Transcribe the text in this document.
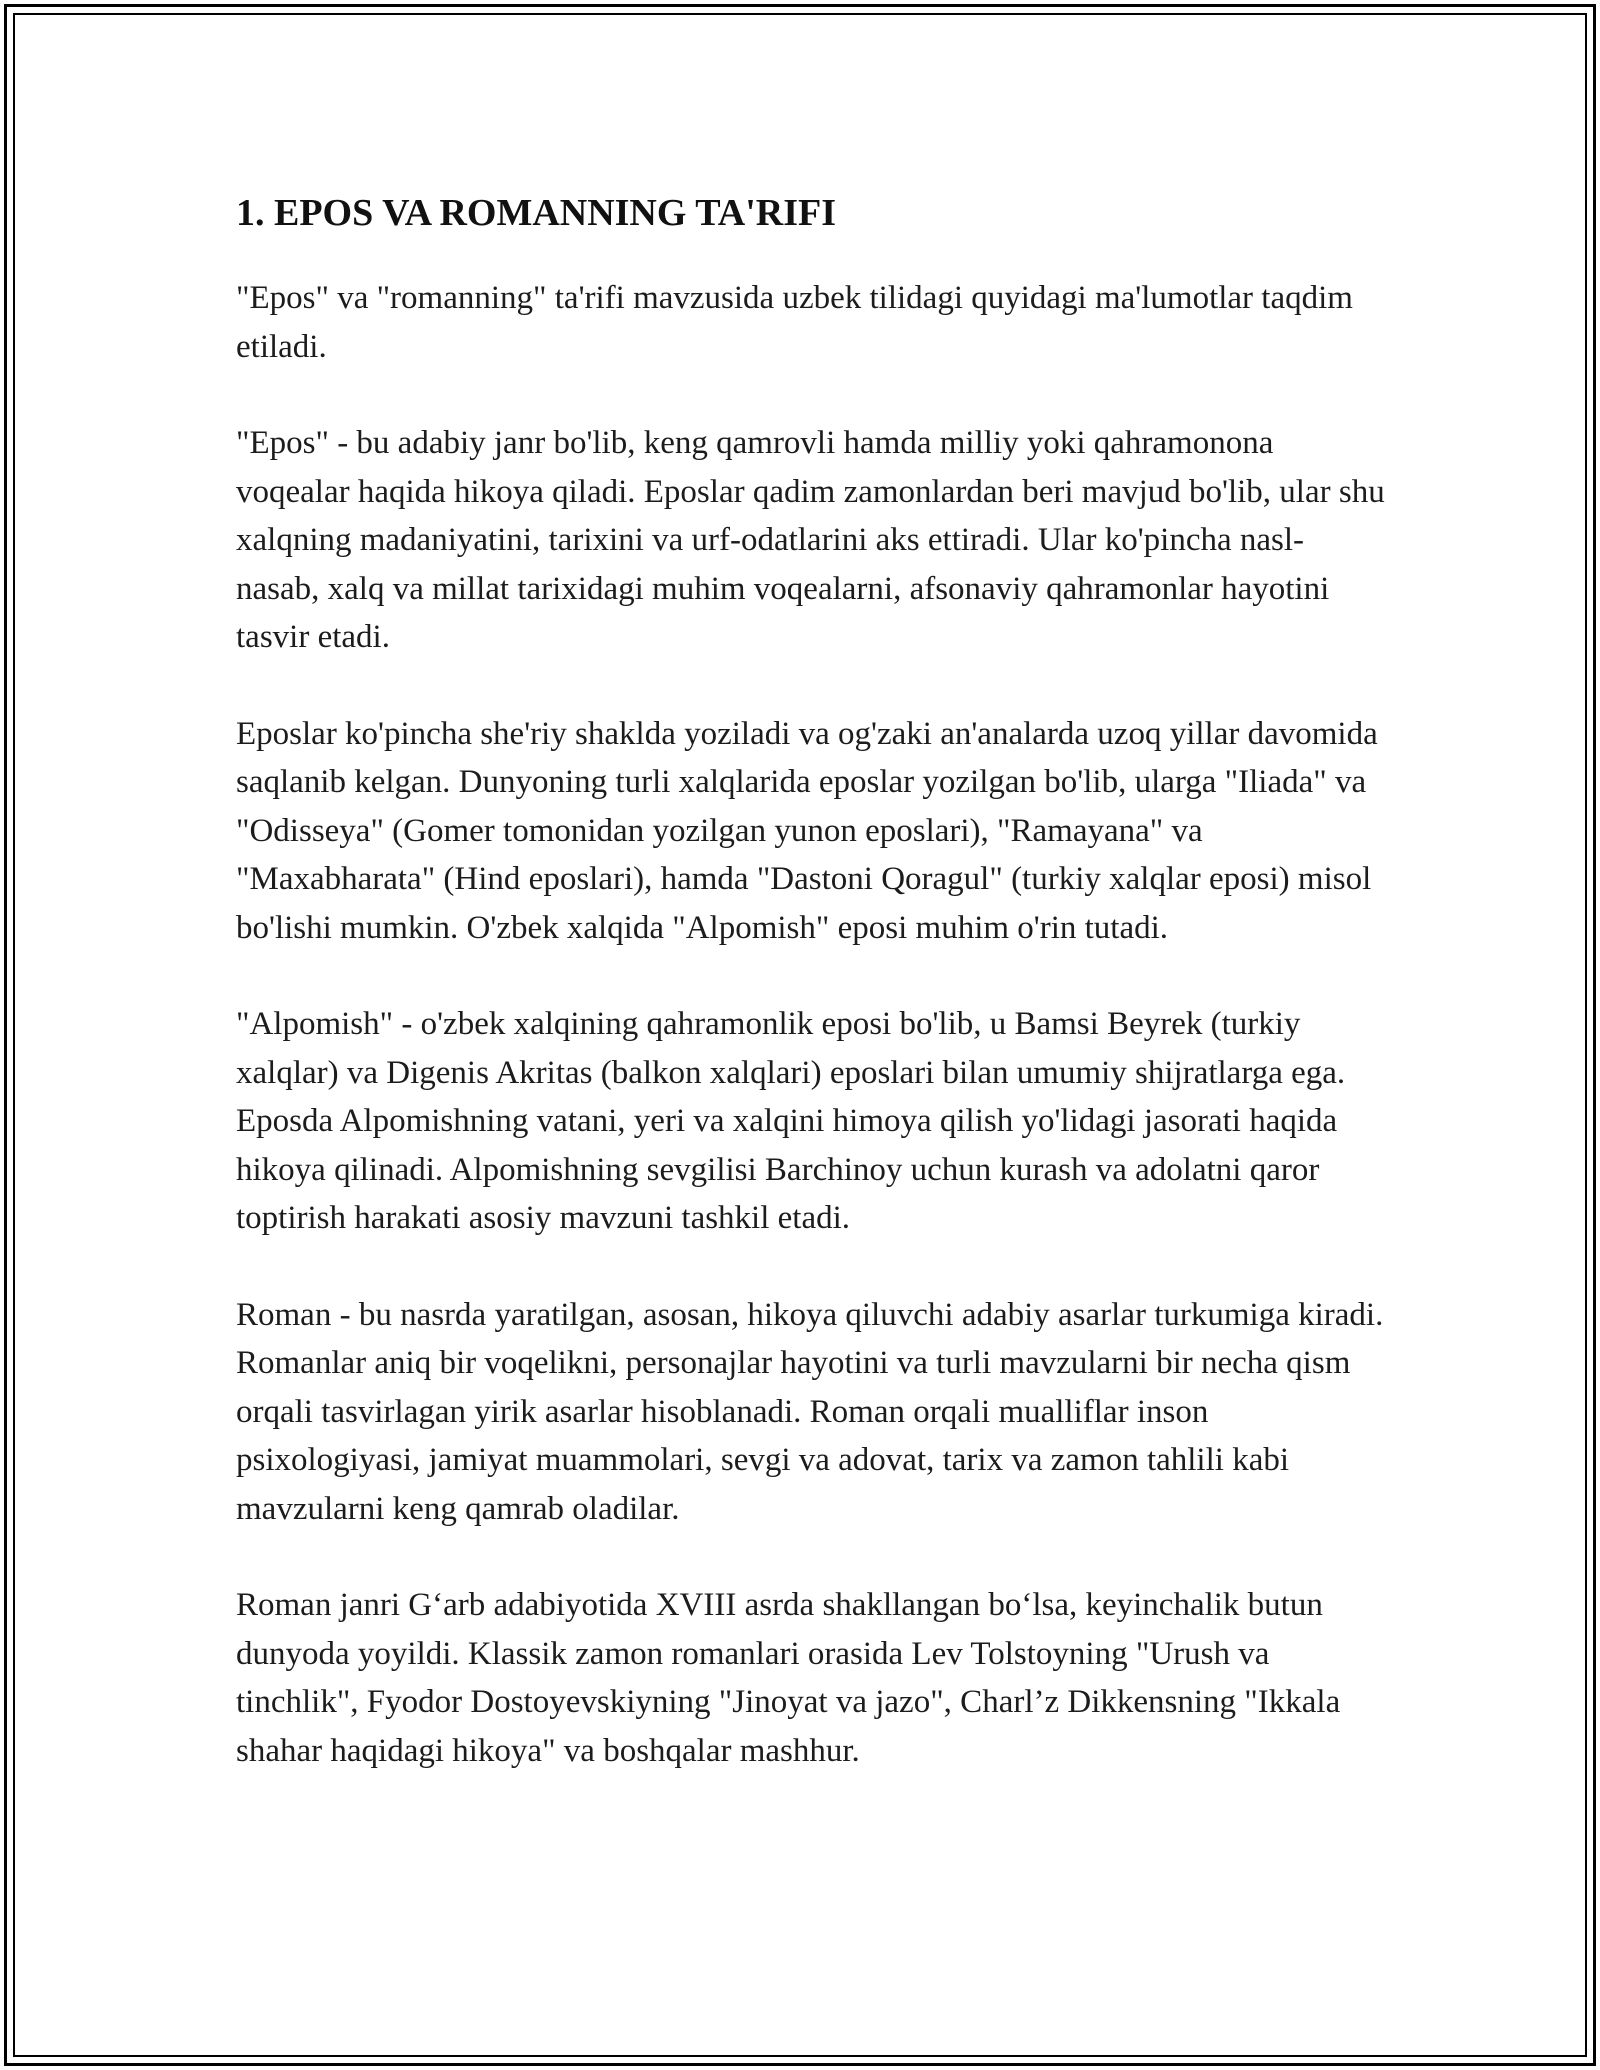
1. EPOS VA ROMANNING TA'RIFI

"Epos" va "romanning" ta'rifi mavzusida uzbek tilidagi quyidagi ma'lumotlar taqdim etiladi.

"Epos" - bu adabiy janr bo'lib, keng qamrovli hamda milliy yoki qahramonona voqealar haqida hikoya qiladi. Eposlar qadim zamonlardan beri mavjud bo'lib, ular shu xalqning madaniyatini, tarixini va urf-odatlarini aks ettiradi. Ular ko'pincha nasl-nasab, xalq va millat tarixidagi muhim voqealarni, afsonaviy qahramonlar hayotini tasvir etadi.

Eposlar ko'pincha she'riy shaklda yoziladi va og'zaki an'analarda uzoq yillar davomida saqlanib kelgan. Dunyoning turli xalqlarida eposlar yozilgan bo'lib, ularga "Iliada" va "Odisseya" (Gomer tomonidan yozilgan yunon eposlari), "Ramayana" va "Maxabharata" (Hind eposlari), hamda "Dastoni Qoragul" (turkiy xalqlar eposi) misol bo'lishi mumkin. O'zbek xalqida "Alpomish" eposi muhim o'rin tutadi.

"Alpomish" - o'zbek xalqining qahramonlik eposi bo'lib, u Bamsi Beyrek (turkiy xalqlar) va Digenis Akritas (balkon xalqlari) eposlari bilan umumiy shijratlarga ega. Eposda Alpomishning vatani, yeri va xalqini himoya qilish yo'lidagi jasorati haqida hikoya qilinadi. Alpomishning sevgilisi Barchinoy uchun kurash va adolatni qaror toptirish harakati asosiy mavzuni tashkil etadi.

Roman - bu nasrda yaratilgan, asosan, hikoya qiluvchi adabiy asarlar turkumiga kiradi. Romanlar aniq bir voqelikni, personajlar hayotini va turli mavzularni bir necha qism orqali tasvirlagan yirik asarlar hisoblanadi. Roman orqali mualliflar inson psixologiyasi, jamiyat muammolari, sevgi va adovat, tarix va zamon tahlili kabi mavzularni keng qamrab oladilar.

Roman janri G‘arb adabiyotida XVIII asrda shakllangan bo‘lsa, keyinchalik butun dunyoda yoyildi. Klassik zamon romanlari orasida Lev Tolstoyning "Urush va tinchlik", Fyodor Dostoyevskiyning "Jinoyat va jazo", Charl’z Dikkensning "Ikkala shahar haqidagi hikoya" va boshqalar mashhur.
